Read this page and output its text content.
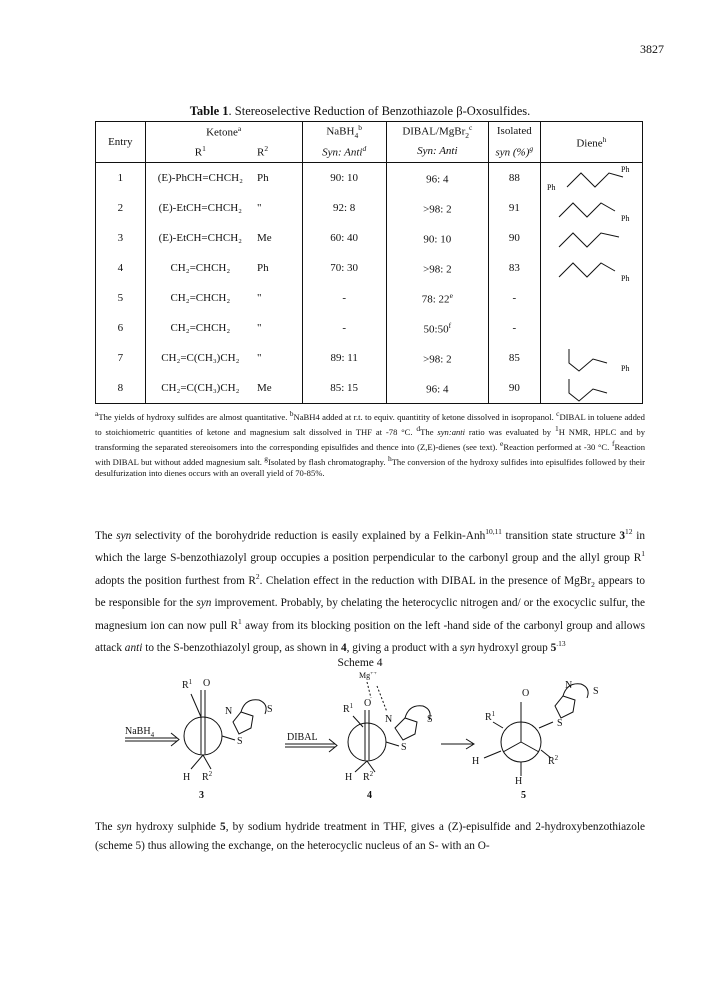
3827
Table 1. Stereoselective Reduction of Benzothiazole β-Oxosulfides.
Entry	Ketone$^a$		NaBH$_4^b$	DIBAL/MgBr$_2^c$	Isolated	Diene$^h$
	$R^1$	$R^2$	Syn: Anti$^d$	Syn: Anti	syn (%)$^g$
1	(E)-PhCH=CHCH₂	Ph	90: 10	96: 4	88	Ph
Ph

2	(E)-EtCH=CHCH₂	"	92: 8	>98: 2	91	Ph

3	(E)-EtCH=CHCH₂	Me	60: 40	90: 10	90	

4	CH₂=CHCH₂	Ph	70: 30	>98: 2	83	Ph

5	CH₂=CHCH₂	"	-	78: 22e	-	
6	CH₂=CHCH₂	"	-	50:50$^f$	-	
7	CH₂=C(CH₃)CH₂	"	89: 11	>98: 2	85	Ph

8	CH₂=C(CH₃)CH₂	Me	85: 15	96: 4	90	
$^a$The yields of hydroxy sulfides are almost quantitative. $^b$NaBH4 added at r.t. to equiv. quantitity of ketone dissolved in isopropanol. $^c$DIBAL in toluene added to stoichiometric quantities of ketone and magnesium salt dissolved in THF at -78 °C. $^d$The syn:anti ratio was evaluated by $^1$H NMR, HPLC and by transforming the separated stereoisomers into the corresponding episulfides and thence into (Z,E)-dienes (see text). $^e$Reaction performed at -30 °C. $^f$Reaction with DIBAL but without added magnesium salt. $^g$Isolated by flash chromatography. $^h$The conversion of the hydroxy sulfides into episulfides followed by their desulfurization into dienes occurs with an overall yield of 70-85%.
The syn selectivity of the borohydride reduction is easily explained by a Felkin-Anh$^{10,11}$ transition state structure $3^{12}$ in which the large S-benzothiazolyl group occupies a position perpendicular to the carbonyl group and the allyl group $R^1$ adopts the position furthest from $R^2$. Chelation effect in the reduction with DIBAL in the presence of MgBr$_2$ appears to be responsible for the syn improvement. Probably, by chelating the heterocyclic nitrogen and/ or the exocyclic sulfur, the magnesium ion can now pull $R^1$ away from its blocking position on the left -hand side of the carbonyl group and allows attack anti to the S-benzothiazolyl group, as shown in 4, giving a product with a syn hydroxyl group $5^{.13}$
Scheme 4
NaBH$_4$
$R^1$ O
H $R^2$
S
N	S
3
DIBAL
Mg++
$R^1$ O
H $R^2$
N
S
S
4
O
$R^1$
H	$R^2$
H
S
N
S
5
The syn hydroxy sulphide 5, by sodium hydride treatment in THF, gives a (Z)-episulfide and 2-hydroxybenzothiazole (scheme 5) thus allowing the exchange, on the heterocyclic nucleus of an S- with an O-
